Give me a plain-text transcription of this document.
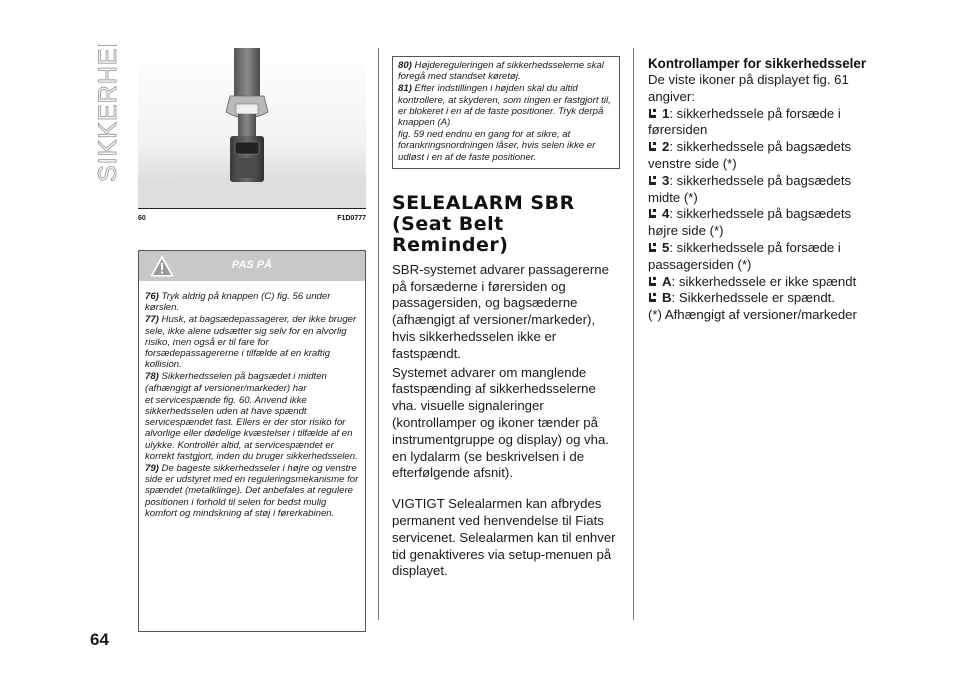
SIKKERHED
60	F1D0777
PAS PÅ

76) Tryk aldrig på knappen (C) fig. 56 under kørslen.

77) Husk, at bagsædepassagerer, der ikke bruger sele, ikke alene udsætter sig selv for en alvorlig risiko, men også er til fare for forsædepassagererne i tilfælde af en kraftig kollision.

78) Sikkerhedsselen på bagsædet i midten (afhængigt af versioner/markeder) har

et servicespænde fig. 60. Anvend ikke sikkerhedsselen uden at have spændt servicespændet fast. Ellers er der stor risiko for alvorlige eller dødelige kvæstelser i tilfælde af en ulykke. Kontrollér altid, at servicespændet er korrekt fastgjort, inden du bruger sikkerhedsselen.

79) De bageste sikkerhedsseler i højre og venstre side er udstyret med en reguleringsmekanisme for spændet (metalklinge). Det anbefales at regulere positionen i forhold til selen for bedst mulig komfort og mindskning af støj i førerkabinen.

80) Højdereguleringen af sikkerhedsselerne skal foregå med standset køretøj.

81) Efter indstillingen i højden skal du altid kontrollere, at skyderen, som ringen er fastgjort til, er blokeret i en af de faste positioner. Tryk derpå knappen (A)

fig. 59 ned endnu en gang for at sikre, at forankringsnordningen låser, hvis selen ikke er udløst i en af de faste positioner.

SELEALARM SBR (Seat Belt Reminder)

SBR-systemet advarer passagererne på forsæderne i førersiden og passagersiden, og bagsæderne (afhængigt af versioner/markeder), hvis sikkerhedsselen ikke er fastspændt.

Systemet advarer om manglende fastspænding af sikkerhedsselerne vha. visuelle signaleringer (kontrollamper og ikoner tænder på instrumentgruppe og display) og vha. en lydalarm (se beskrivelsen i de efterfølgende afsnit).

VIGTIGT Selealarmen kan afbrydes permanent ved henvendelse til Fiats servicenet. Selealarmen kan til enhver tid genaktiveres via setup-menuen på displayet.

Kontrollamper for sikkerhedsseler
De viste ikoner på displayet fig. 61 angiver:
1: sikkerhedssele på forsæde i førersiden
2: sikkerhedssele på bagsædets venstre side (*)
3: sikkerhedssele på bagsædets midte (*)
4: sikkerhedssele på bagsædets højre side (*)
5: sikkerhedssele på forsæde i passagersiden (*)
A: sikkerhedssele er ikke spændt
B: Sikkerhedssele er spændt.
(*) Afhængigt af versioner/markeder
64
